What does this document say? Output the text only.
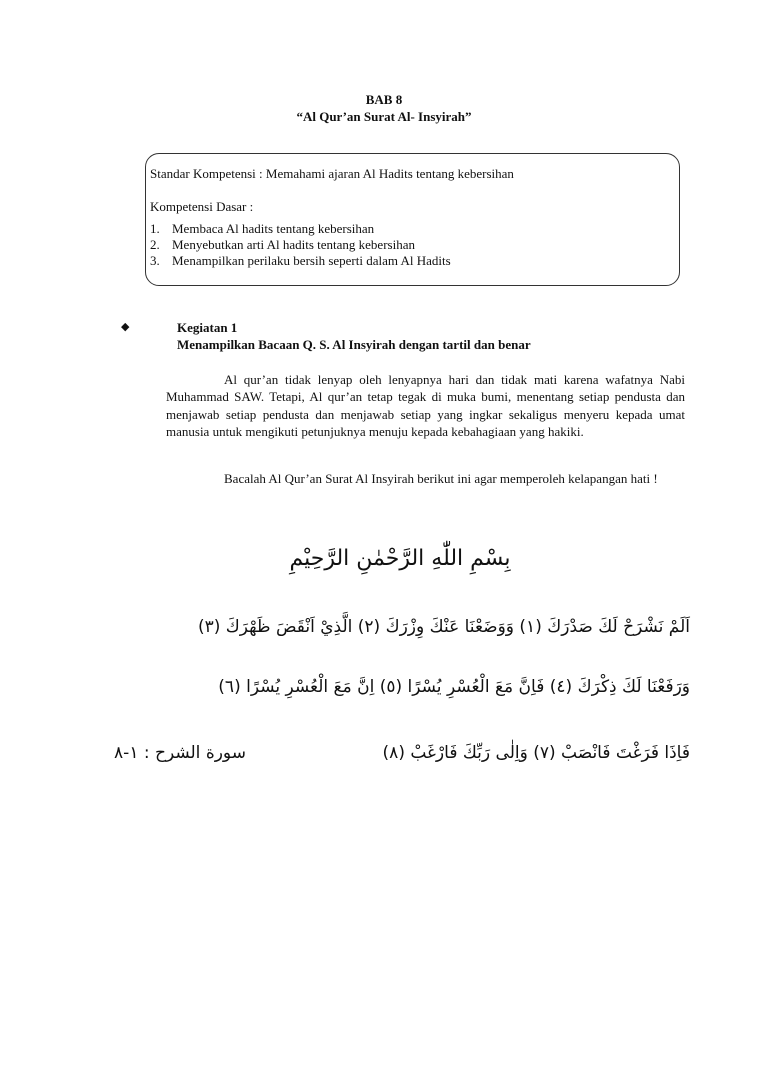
BAB 8
“Al Qur’an Surat Al- Insyirah”
Standar Kompetensi : Memahami ajaran Al Hadits tentang kebersihan
Kompetensi Dasar :
1. Membaca Al hadits tentang kebersihan
2. Menyebutkan arti Al hadits tentang kebersihan
3. Menampilkan perilaku bersih seperti dalam Al Hadits
◆	Kegiatan 1
Menampilkan Bacaan Q. S. Al Insyirah dengan tartil dan benar

Al qur’an tidak lenyap oleh lenyapnya hari dan tidak mati karena wafatnya Nabi Muhammad SAW. Tetapi, Al qur’an tetap tegak di muka bumi, menentang setiap pendusta dan menjawab setiap pendusta dan menjawab setiap yang ingkar sekaligus menyeru kepada umat manusia untuk mengikuti petunjuknya menuju kepada kebahagiaan yang hakiki.

Bacalah Al Qur’an Surat Al Insyirah berikut ini agar memperoleh kelapangan hati !

بِسْمِ اللّٰهِ الرَّحْمٰنِ الرَّحِيْمِ
اَلَمْ نَشْرَحْ لَكَ صَدْرَكَ (١) وَوَضَعْنَا عَنْكَ وِزْرَكَ (٢) الَّذِيْ اَنْقَضَ ظَهْرَكَ (٣)
وَرَفَعْنَا لَكَ ذِكْرَكَ (٤) فَاِنَّ مَعَ الْعُسْرِ يُسْرًا (٥) اِنَّ مَعَ الْعُسْرِ يُسْرًا (٦)
فَاِذَا فَرَغْتَ فَانْصَبْ (٧) وَاِلٰى رَبِّكَ فَارْغَبْ (٨)
سورة الشرح : ١-٨
